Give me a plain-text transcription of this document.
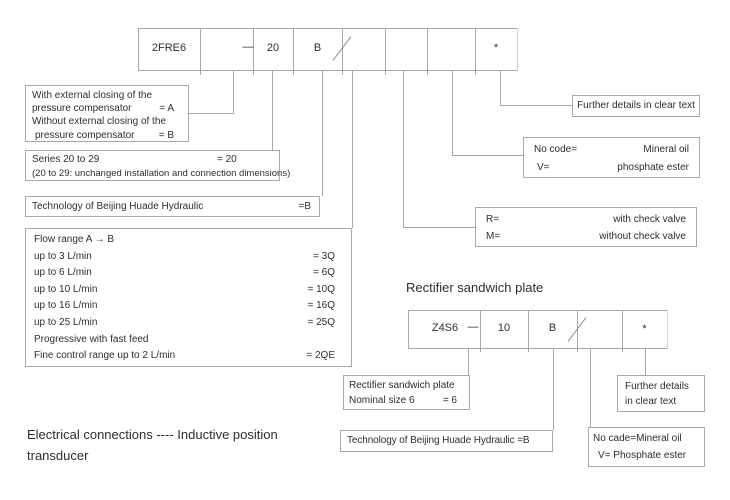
2FRE6	—	20	B	*
With external closing of the
pressure compensator	= A
Without external closing of the
pressure compensator = B
Series 20 to 29	= 20
(20 to 29: unchanged installation and connection dimensions)
Technology of Beijing Huade Hydraulic	=B
Flow range A → B
up to 3 L/min	= 3Q
up to 6 L/min	= 6Q
up to 10 L/min	= 10Q
up to 16 L/min	= 16Q
up to 25 L/min	= 25Q
Progressive with fast feed
Fine control range up to 2 L/min	= 2QE
Further details in clear text
No code=	Mineral oil
V=	phosphate ester
R=	with check valve
M=	without check valve
Rectifier sandwich plate
Z4S6 —	10	B	*
Rectifier sandwich plate
Nominal size 6	= 6
Technology of Beijing Huade Hydraulic =B
Further details
in clear text
No cade=Mineral oil
V= Phosphate ester
Electrical connections ---- Inductive position
transducer
